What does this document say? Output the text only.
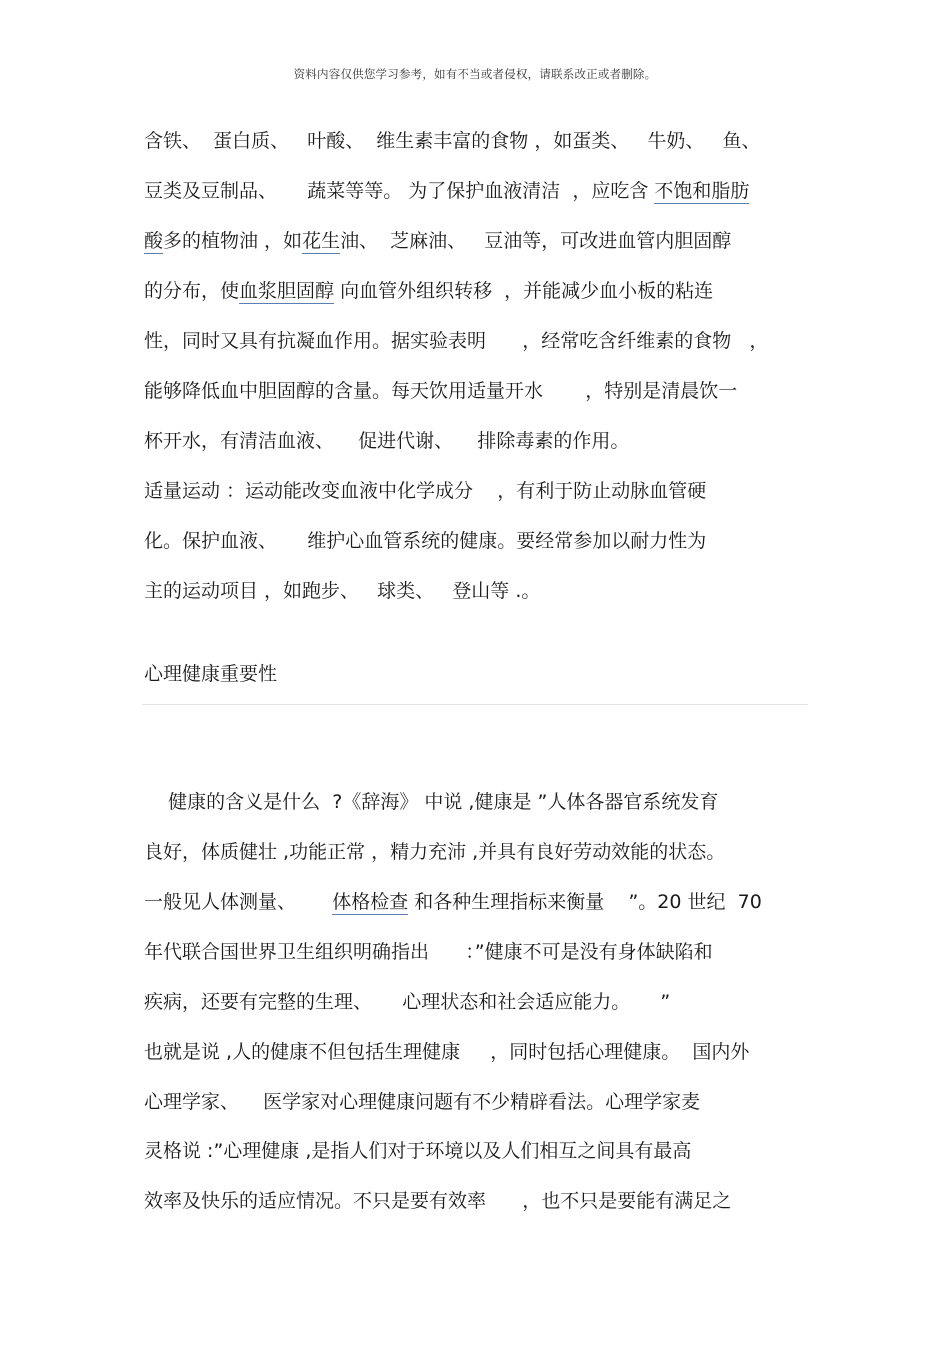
资料内容仅供您学习参考，如有不当或者侵权，请联系改正或者删除。
含铁、  蛋白质、   叶酸、  维生素丰富的食物 ，如蛋类、   牛奶、   鱼、
豆类及豆制品、     蔬菜等等。 为了保护血液清洁  ，应吃含 不饱和脂肪
酸多的植物油 ，如花生油、  芝麻油、   豆油等，可改进血管内胆固醇
的分布，使血浆胆固醇 向血管外组织转移  ，并能减少血小板的粘连
性，同时又具有抗凝血作用。据实验表明      ，经常吃含纤维素的食物   ，
能够降低血中胆固醇的含量。每天饮用适量开水       ，特别是清晨饮一
杯开水，有清洁血液、    促进代谢、    排除毒素的作用。
适量运动 ：运动能改变血液中化学成分    ，有利于防止动脉血管硬
化。保护血液、     维护心血管系统的健康。要经常参加以耐力性为
主的运动项目 ，如跑步、   球类、   登山等 .。
心理健康重要性
健康的含义是什么  ?《辞海》 中说 ,健康是 ”人体各器官系统发育
良好，体质健壮 ,功能正常 ，精力充沛 ,并具有良好劳动效能的状态。
一般见人体测量、      体格检查 和各种生理指标来衡量    ”。20 世纪  70
年代联合国世界卫生组织明确指出      ：”健康不可是没有身体缺陷和
疾病，还要有完整的生理、     心理状态和社会适应能力。     ”
也就是说 ,人的健康不但包括生理健康     ，同时包括心理健康。  国内外
心理学家、    医学家对心理健康问题有不少精辟看法。心理学家麦
灵格说 :”心理健康 ,是指人们对于环境以及人们相互之间具有最高
效率及快乐的适应情况。不只是要有效率      ，也不只是要能有满足之
